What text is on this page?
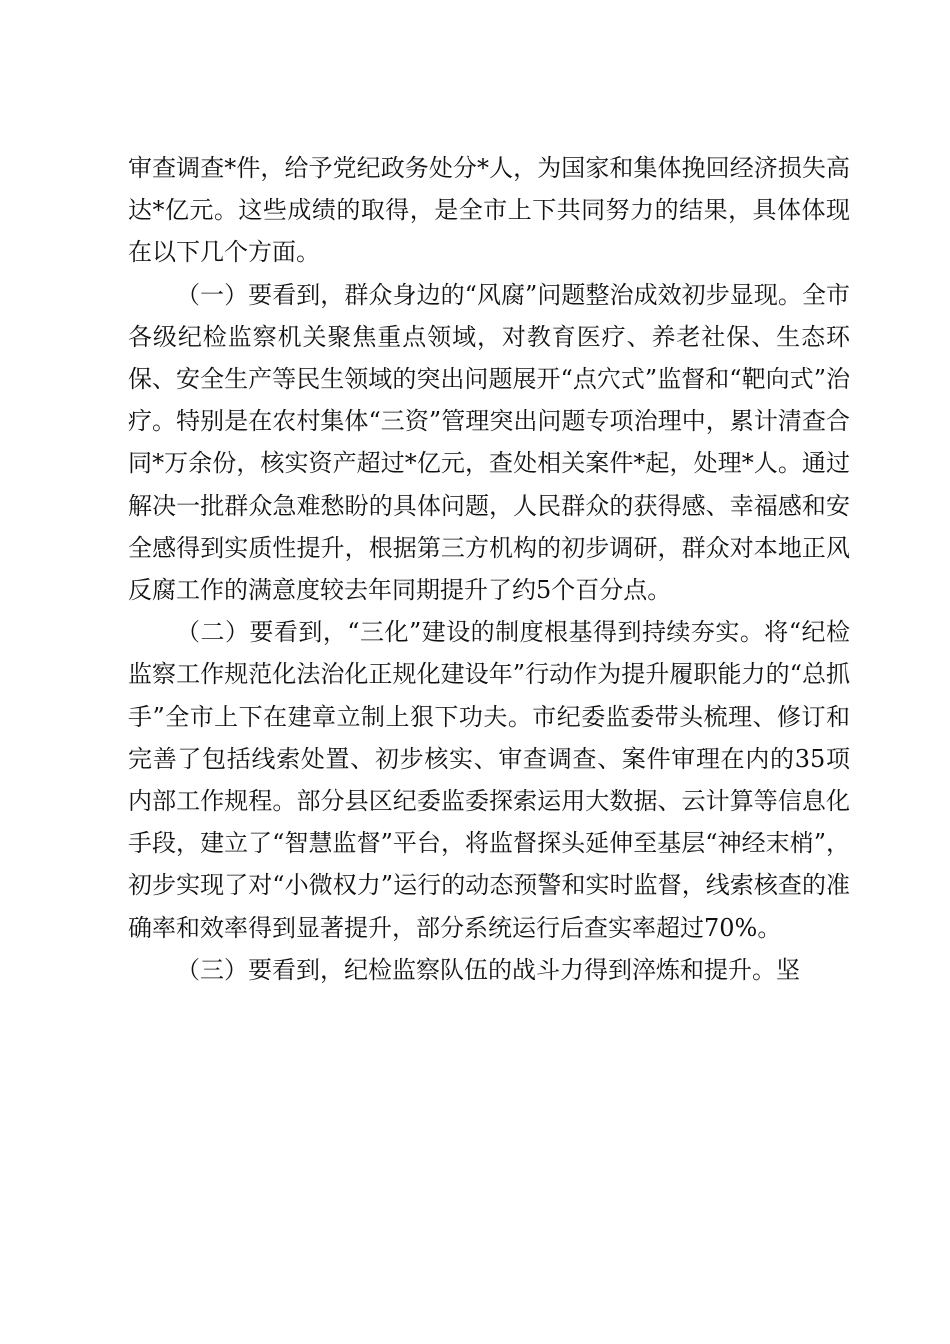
审查调查*件，给予党纪政务处分*人，为国家和集体挽回经济损失高达*亿元。这些成绩的取得，是全市上下共同努力的结果，具体体现在以下几个方面。

（一）要看到，群众身边的“风腐”问题整治成效初步显现。全市各级纪检监察机关聚焦重点领域，对教育医疗、养老社保、生态环保、安全生产等民生领域的突出问题展开“点穴式”监督和“靶向式”治疗。特别是在农村集体“三资”管理突出问题专项治理中，累计清查合同*万余份，核实资产超过*亿元，查处相关案件*起，处理*人。通过解决一批群众急难愁盼的具体问题，人民群众的获得感、幸福感和安全感得到实质性提升，根据第三方机构的初步调研，群众对本地正风反腐工作的满意度较去年同期提升了约5个百分点。

（二）要看到，“三化”建设的制度根基得到持续夯实。将“纪检监察工作规范化法治化正规化建设年”行动作为提升履职能力的“总抓手”全市上下在建章立制上狠下功夫。市纪委监委带头梳理、修订和完善了包括线索处置、初步核实、审查调查、案件审理在内的35项内部工作规程。部分县区纪委监委探索运用大数据、云计算等信息化手段，建立了“智慧监督”平台，将监督探头延伸至基层“神经末梢”，初步实现了对“小微权力”运行的动态预警和实时监督，线索核查的准确率和效率得到显著提升，部分系统运行后查实率超过70%。

（三）要看到，纪检监察队伍的战斗力得到淬炼和提升。坚
